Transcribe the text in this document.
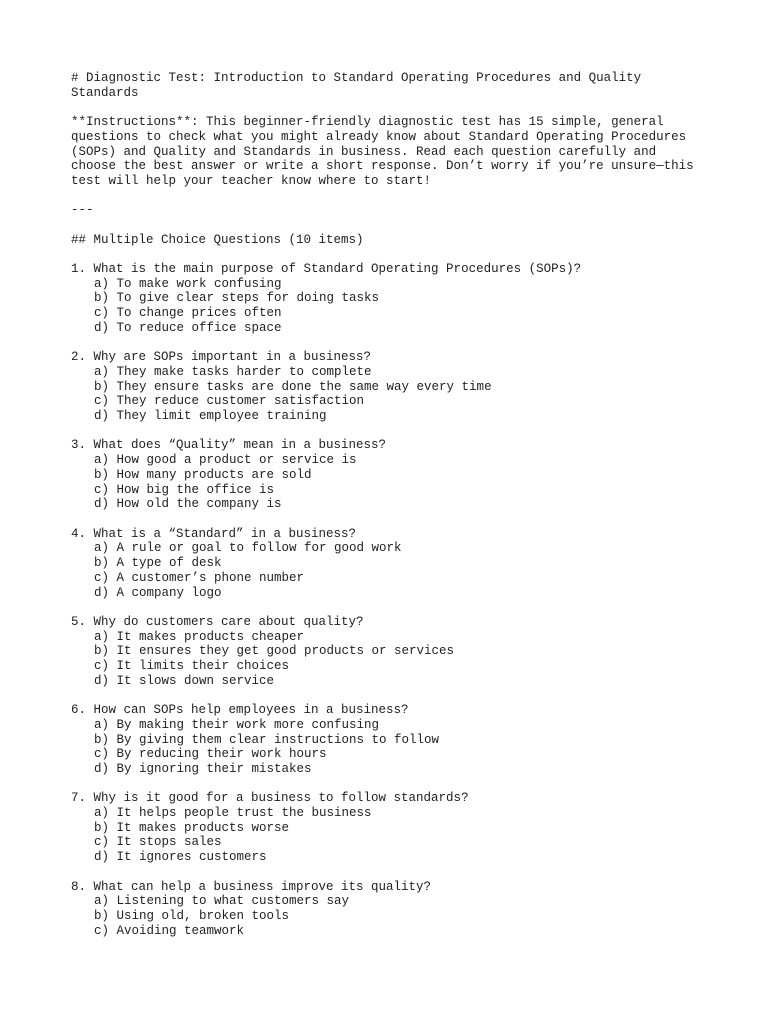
# Diagnostic Test: Introduction to Standard Operating Procedures and Quality
Standards
**Instructions**: This beginner-friendly diagnostic test has 15 simple, general
questions to check what you might already know about Standard Operating Procedures
(SOPs) and Quality and Standards in business. Read each question carefully and
choose the best answer or write a short response. Don’t worry if you’re unsure—this
test will help your teacher know where to start!
---
## Multiple Choice Questions (10 items)
1. What is the main purpose of Standard Operating Procedures (SOPs)?
a) To make work confusing
b) To give clear steps for doing tasks
c) To change prices often
d) To reduce office space
2. Why are SOPs important in a business?
a) They make tasks harder to complete
b) They ensure tasks are done the same way every time
c) They reduce customer satisfaction
d) They limit employee training
3. What does “Quality” mean in a business?
a) How good a product or service is
b) How many products are sold
c) How big the office is
d) How old the company is
4. What is a “Standard” in a business?
a) A rule or goal to follow for good work
b) A type of desk
c) A customer’s phone number
d) A company logo
5. Why do customers care about quality?
a) It makes products cheaper
b) It ensures they get good products or services
c) It limits their choices
d) It slows down service
6. How can SOPs help employees in a business?
a) By making their work more confusing
b) By giving them clear instructions to follow
c) By reducing their work hours
d) By ignoring their mistakes
7. Why is it good for a business to follow standards?
a) It helps people trust the business
b) It makes products worse
c) It stops sales
d) It ignores customers
8. What can help a business improve its quality?
a) Listening to what customers say
b) Using old, broken tools
c) Avoiding teamwork
